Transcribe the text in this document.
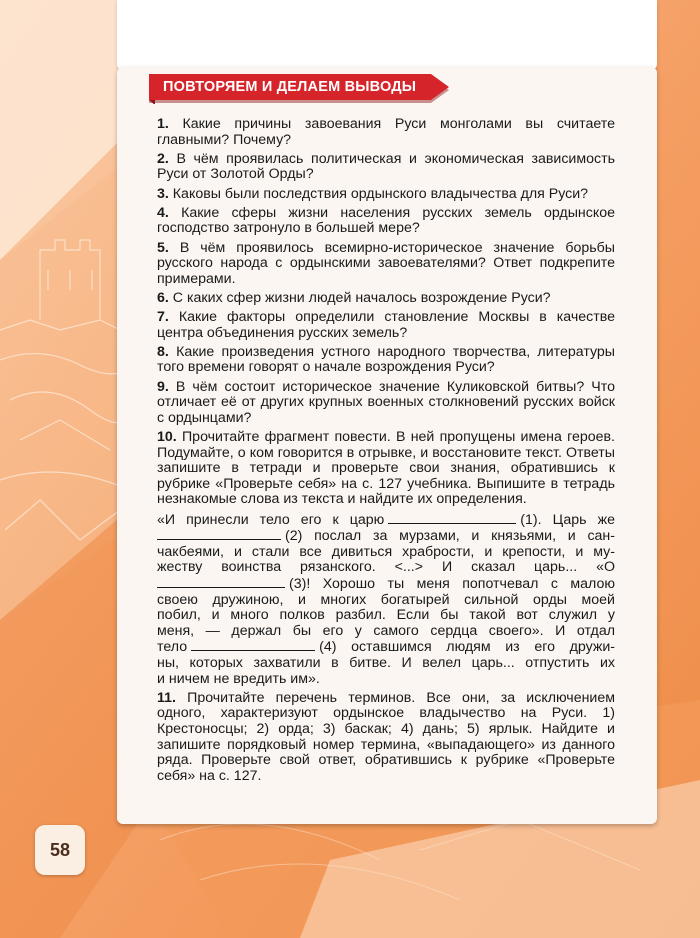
ПОВТОРЯЕМ И ДЕЛАЕМ ВЫВОДЫ

1. Какие причины завоевания Руси монголами вы считаете главными? Почему?

2. В чём проявилась политическая и экономическая зависимость Руси от Золотой Орды?

3. Каковы были последствия ордынского владычества для Руси?

4. Какие сферы жизни населения русских земель ордынское господство затронуло в большей мере?

5. В чём проявилось всемирно-историческое значение борьбы русского народа с ордынскими завоевателями? Ответ подкрепите примерами.

6. С каких сфер жизни людей началось возрождение Руси?

7. Какие факторы определили становление Москвы в качестве центра объединения русских земель?

8. Какие произведения устного народного творчества, литературы того времени говорят о начале возрождения Руси?

9. В чём состоит историческое значение Куликовской битвы? Что отличает её от других крупных военных столкновений русских войск с ордынцами?

10. Прочитайте фрагмент повести. В ней пропущены имена героев. Подумайте, о ком говорится в отрывке, и восстановите текст. Ответы запишите в тетради и проверьте свои знания, обратившись к рубрике «Проверьте себя» на с. 127 учебника. Выпишите в тетрадь незнакомые слова из текста и найдите их определения.

«И принесли тело его к царю	(1). Царь же
(2) послал за мурзами, и князьями, и сан-
чакбеями, и стали все дивиться храбрости, и крепости, и му-
жеству воинства рязанского. <...> И сказал царь... «О
(3)! Хорошо ты меня попотчевал с малою
своею дружиною, и многих богатырей сильной орды моей
побил, и много полков разбил. Если бы такой вот служил у
меня, — держал бы его у самого сердца своего». И отдал
тело	(4) оставшимся людям из его дружи-
ны, которых захватили в битве. И велел царь... отпустить их
и ничем не вредить им».

11. Прочитайте перечень терминов. Все они, за исключением одного, характеризуют ордынское владычество на Руси. 1) Крестоносцы; 2) орда; 3) баскак; 4) дань; 5) ярлык. Найдите и запишите порядковый номер термина, «выпадающего» из данного ряда. Проверьте свой ответ, обратившись к рубрике «Проверьте себя» на с. 127.

58
